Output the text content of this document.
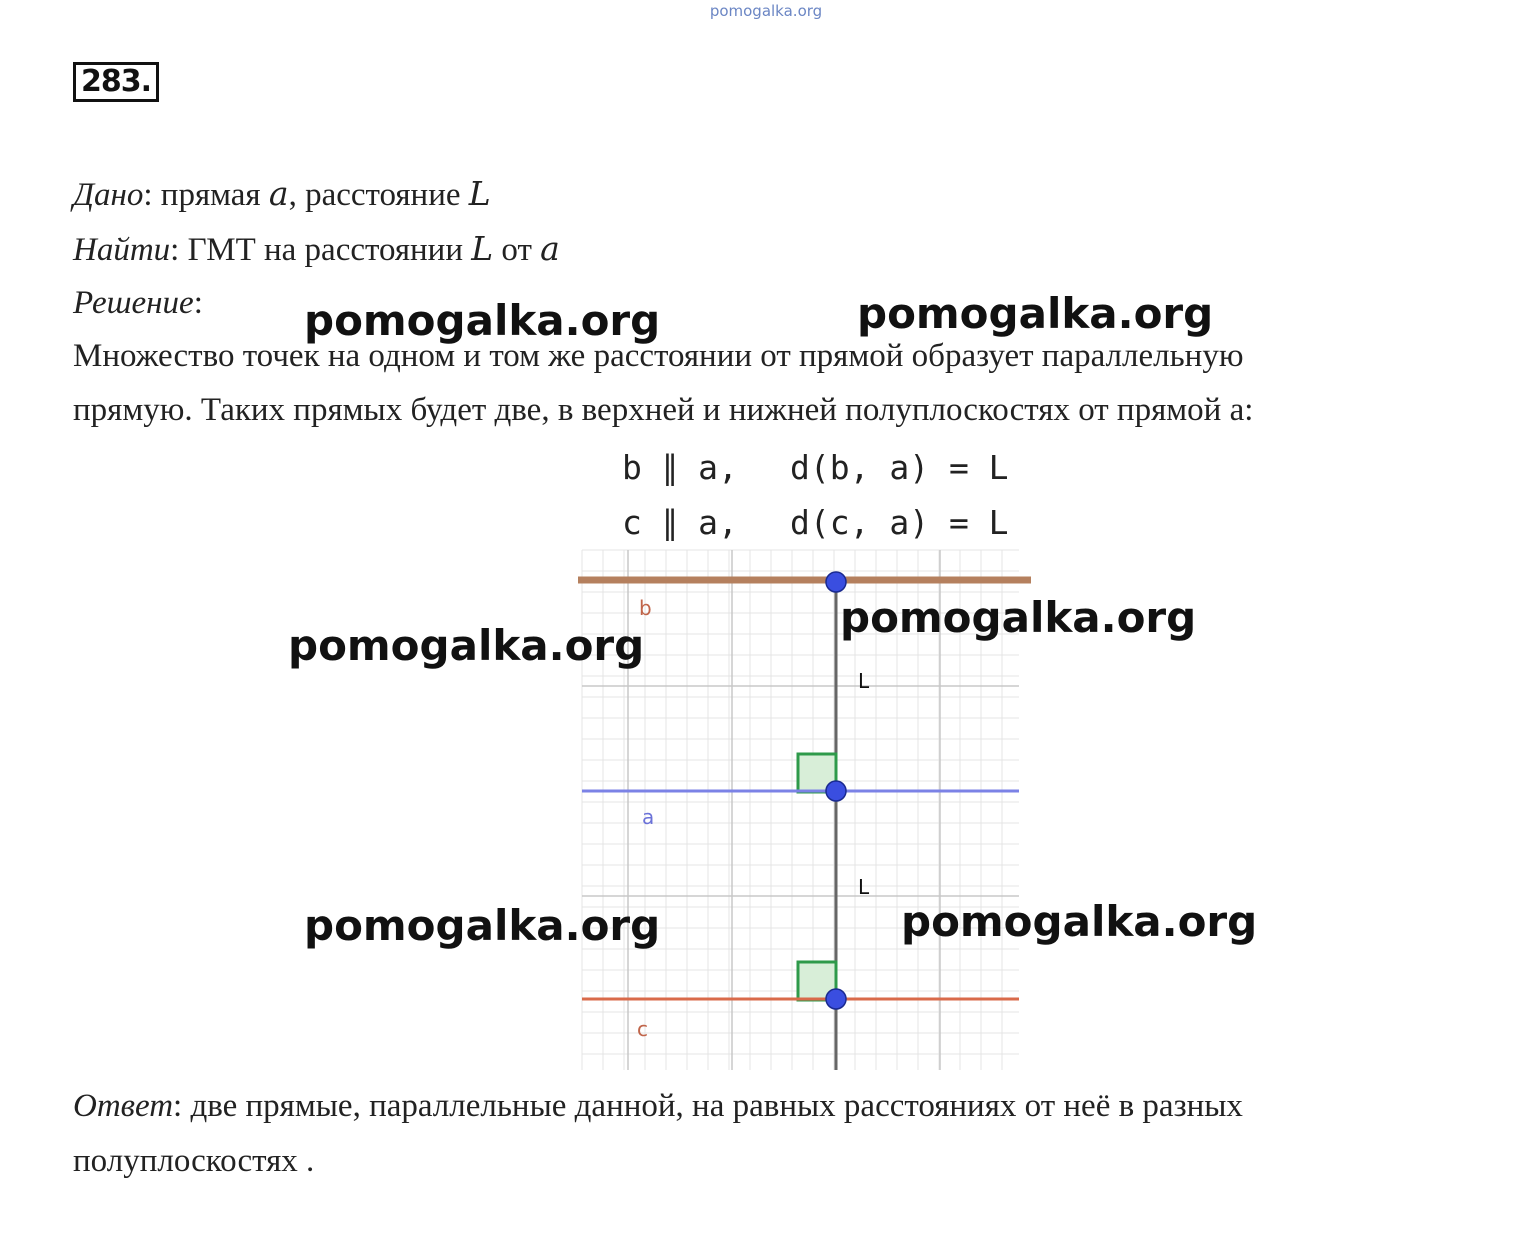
pomogalka.org
283.
Дано: прямая a, расстояние L
Найти: ГМТ на расстоянии L от a
Решение:
Множество точек на одном и том же расстоянии от прямой образует параллельную
прямую. Таких прямых будет две, в верхней и нижней полуплоскостях от прямой а:
b ∥ a, d(b, a) = L
c ∥ a, d(c, a) = L
b
a
c
L
L
pomogalka.org	pomogalka.org
pomogalka.org
pomogalka.org
pomogalka.org	pomogalka.org
Ответ: две прямые, параллельные данной, на равных расстояниях от неё в разных
полуплоскостях .
